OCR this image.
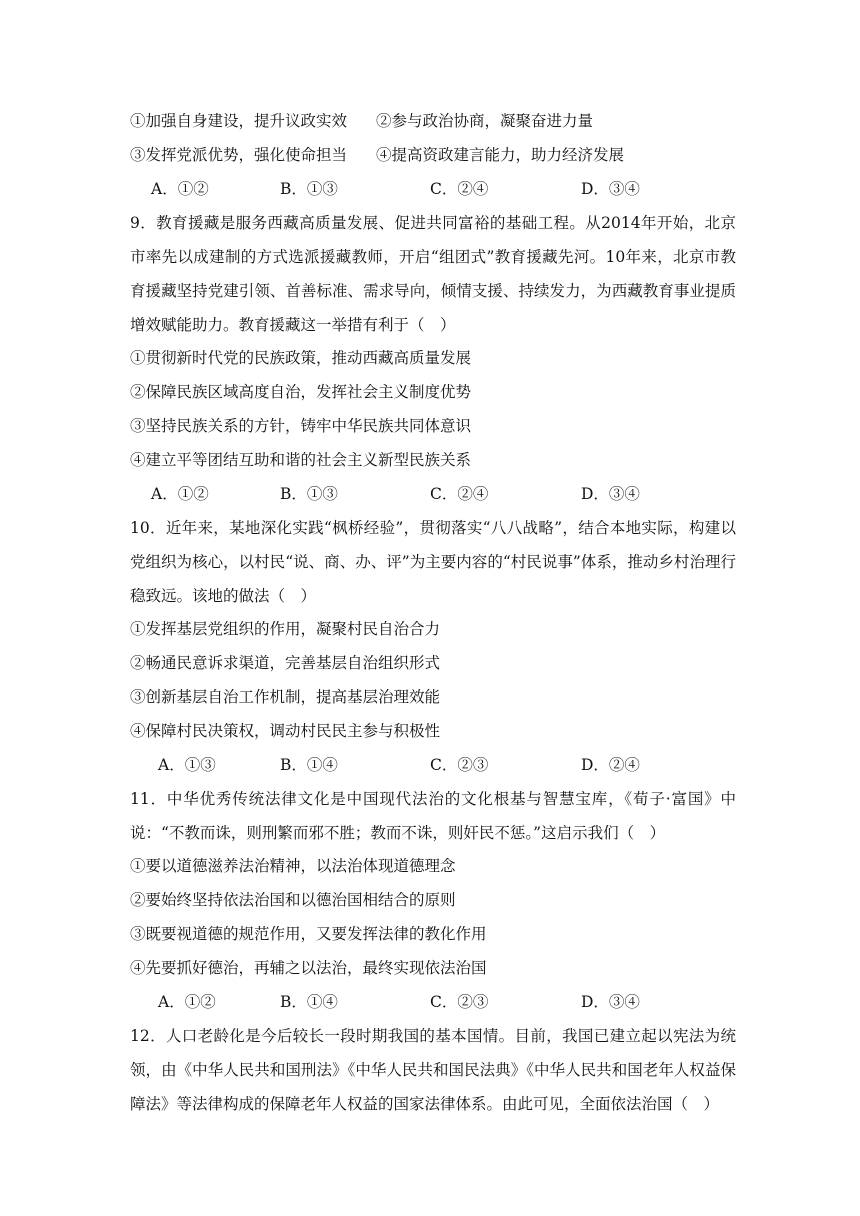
①加强自身建设，提升议政实效 ②参与政治协商，凝聚奋进力量
③发挥党派优势，强化使命担当 ④提高资政建言能力，助力经济发展
A．①②	B．①③	C．②④	D．③④
9．教育援藏是服务西藏高质量发展、促进共同富裕的基础工程。从2014年开始，北京市率先以成建制的方式选派援藏教师，开启“组团式”教育援藏先河。10年来，北京市教育援藏坚持党建引领、首善标准、需求导向，倾情支援、持续发力，为西藏教育事业提质增效赋能助力。教育援藏这一举措有利于（　）
①贯彻新时代党的民族政策，推动西藏高质量发展
②保障民族区域高度自治，发挥社会主义制度优势
③坚持民族关系的方针，铸牢中华民族共同体意识
④建立平等团结互助和谐的社会主义新型民族关系
A．①②	B．①③	C．②④	D．③④
10．近年来，某地深化实践“枫桥经验”，贯彻落实“八八战略”，结合本地实际，构建以党组织为核心，以村民“说、商、办、评”为主要内容的“村民说事”体系，推动乡村治理行稳致远。该地的做法（　）
①发挥基层党组织的作用，凝聚村民自治合力
②畅通民意诉求渠道，完善基层自治组织形式
③创新基层自治工作机制，提高基层治理效能
④保障村民决策权，调动村民民主参与积极性
A．①③	B．①④	C．②③	D．②④
11．中华优秀传统法律文化是中国现代法治的文化根基与智慧宝库，《荀子·富国》中说：“不教而诛，则刑繁而邪不胜；教而不诛，则奸民不惩。”这启示我们（　）
①要以道德滋养法治精神，以法治体现道德理念
②要始终坚持依法治国和以德治国相结合的原则
③既要视道德的规范作用，又要发挥法律的教化作用
④先要抓好德治，再辅之以法治，最终实现依法治国
A．①②	B．①④	C．②③	D．③④
12．人口老龄化是今后较长一段时期我国的基本国情。目前，我国已建立起以宪法为统领，由《中华人民共和国刑法》《中华人民共和国民法典》《中华人民共和国老年人权益保障法》等法律构成的保障老年人权益的国家法律体系。由此可见，全面依法治国（　）
